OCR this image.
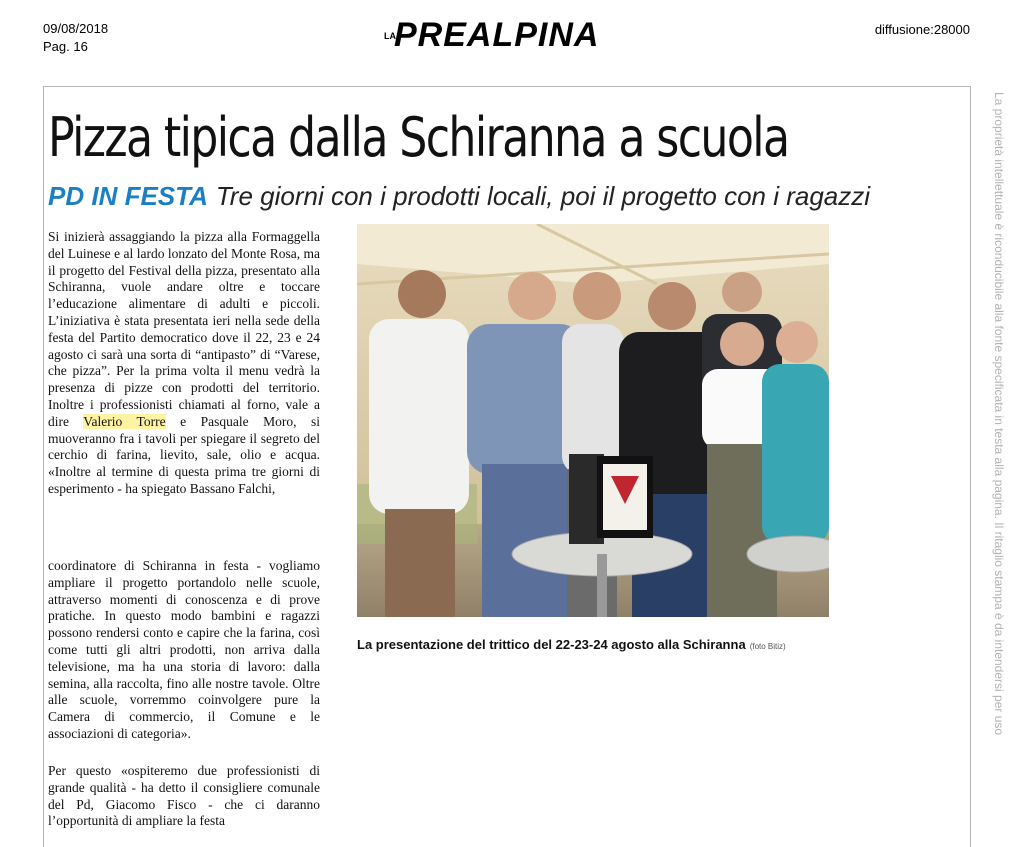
09/08/2018
Pag. 16
diffusione:28000
LA
PREALPINA
Pizza tipica dalla Schiranna a scuola
PD IN FESTA Tre giorni con i prodotti locali, poi il progetto con i ragazzi

Si inizierà assaggiando la pizza alla Formaggella del Luinese e al lardo lonzato del Monte Rosa, ma il progetto del Festival della pizza, presentato alla Schiranna, vuole andare oltre e toccare l’educazione alimentare di adulti e piccoli. L’iniziativa è stata presentata ieri nella sede della festa del Partito democratico dove il 22, 23 e 24 agosto ci sarà una sorta di “antipasto” di “Varese, che pizza”. Per la prima volta il menu vedrà la presenza di pizze con prodotti del territorio. Inoltre i professionisti chiamati al forno, vale a dire Valerio Torre e Pasquale Moro, si muoveranno fra i tavoli per spiegare il segreto del cerchio di farina, lievito, sale, olio e acqua. «Inoltre al termine di questa prima tre giorni di esperimento - ha spiegato Bassano Falchi,

coordinatore di Schiranna in festa - vogliamo ampliare il progetto portandolo nelle scuole, attraverso momenti di conoscenza e di prove pratiche. In questo modo bambini e ragazzi possono rendersi conto e capire che la farina, così come tutti gli altri prodotti, non arriva dalla televisione, ma ha una storia di lavoro: dalla semina, alla raccolta, fino alle nostre tavole. Oltre alle scuole, vorremmo coinvolgere pure la Camera di commercio, il Comune e le associazioni di categoria».

Per questo «ospiteremo due professionisti di grande qualità - ha detto il consigliere comunale del Pd, Giacomo Fisco - che ci daranno l’opportunità di ampliare la festa

La presentazione del trittico del 22-23-24 agosto alla Schiranna (foto Bitiz)	La proprietà intellettuale è riconducibile alla fonte specificata in testa alla pagina. Il ritaglio stampa è da intendersi per uso
